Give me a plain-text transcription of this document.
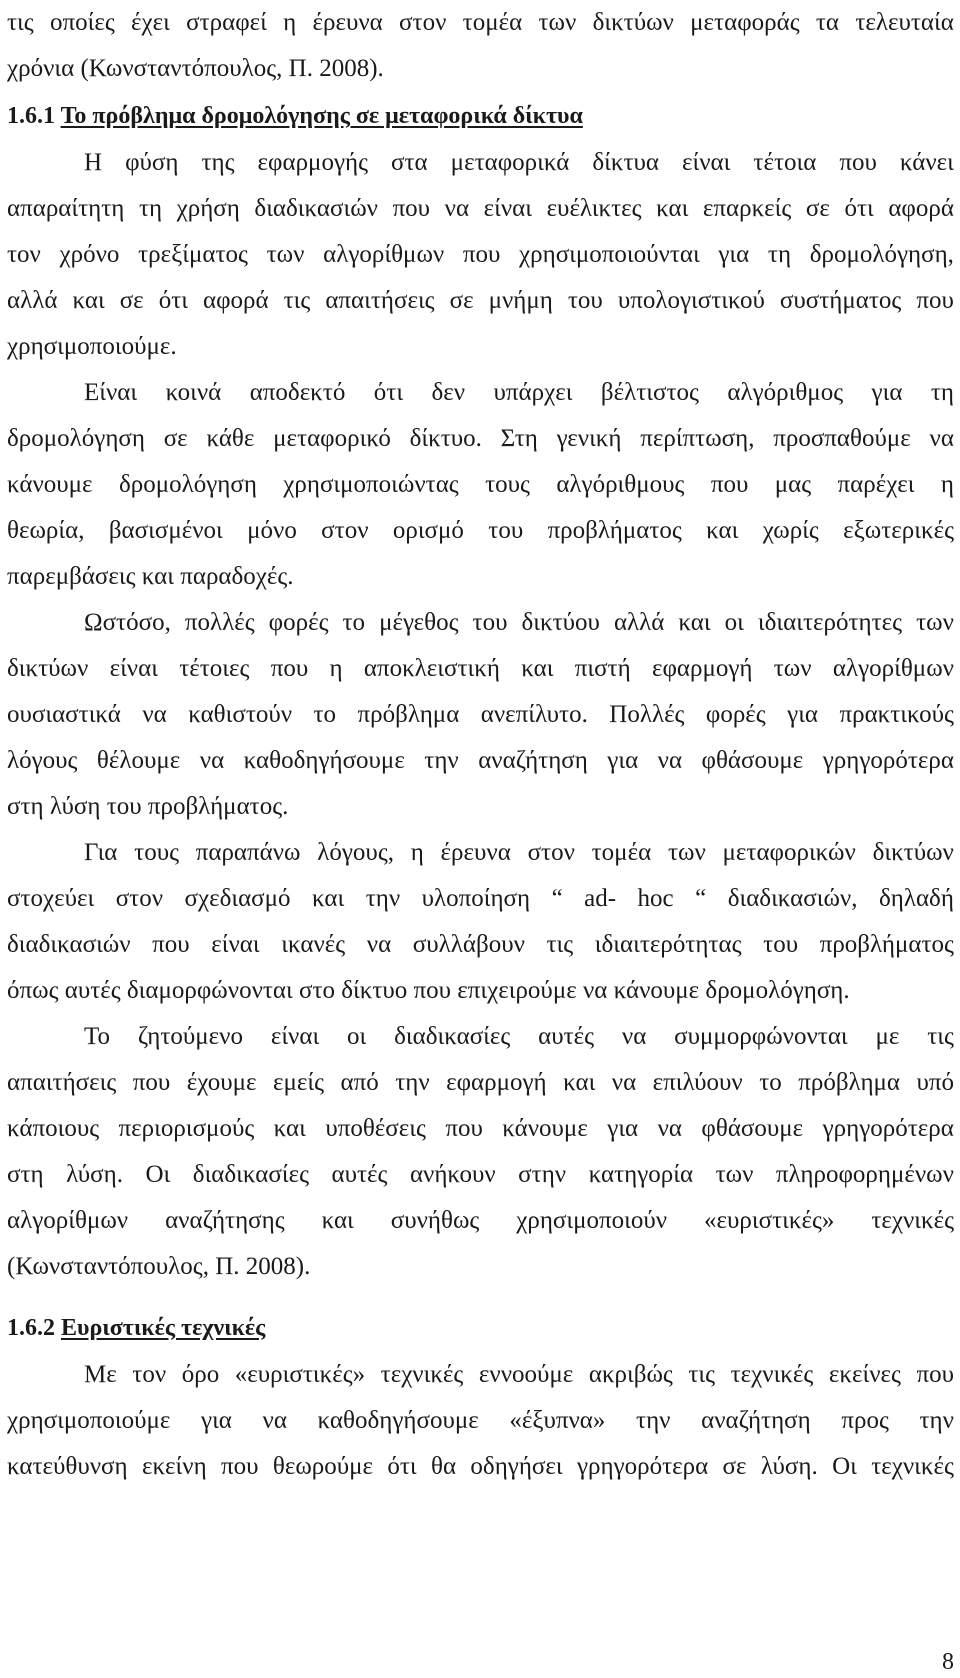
τις οποίες έχει στραφεί η έρευνα στον τομέα των δικτύων μεταφοράς τα τελευταία
χρόνια (Κωνσταντόπουλος, Π. 2008).
1.6.1 Το πρόβλημα δρομολόγησης σε μεταφορικά δίκτυα
Η φύση της εφαρμογής στα μεταφορικά δίκτυα είναι τέτοια που κάνει
απαραίτητη τη χρήση διαδικασιών που να είναι ευέλικτες και επαρκείς σε ότι αφορά
τον χρόνο τρεξίματος των αλγορίθμων που χρησιμοποιούνται για τη δρομολόγηση,
αλλά και σε ότι αφορά τις απαιτήσεις σε μνήμη του υπολογιστικού συστήματος που
χρησιμοποιούμε.
Είναι κοινά αποδεκτό ότι δεν υπάρχει βέλτιστος αλγόριθμος για τη
δρομολόγηση σε κάθε μεταφορικό δίκτυο. Στη γενική περίπτωση, προσπαθούμε να
κάνουμε δρομολόγηση χρησιμοποιώντας τους αλγόριθμους που μας παρέχει η
θεωρία, βασισμένοι μόνο στον ορισμό του προβλήματος και χωρίς εξωτερικές
παρεμβάσεις και παραδοχές.
Ωστόσο, πολλές φορές το μέγεθος του δικτύου αλλά και οι ιδιαιτερότητες των
δικτύων είναι τέτοιες που η αποκλειστική και πιστή εφαρμογή των αλγορίθμων
ουσιαστικά να καθιστούν το πρόβλημα ανεπίλυτο. Πολλές φορές για πρακτικούς
λόγους θέλουμε να καθοδηγήσουμε την αναζήτηση για να φθάσουμε γρηγορότερα
στη λύση του προβλήματος.
Για τους παραπάνω λόγους, η έρευνα στον τομέα των μεταφορικών δικτύων
στοχεύει στον σχεδιασμό και την υλοποίηση “ ad- hoc “ διαδικασιών, δηλαδή
διαδικασιών που είναι ικανές να συλλάβουν τις ιδιαιτερότητας του προβλήματος
όπως αυτές διαμορφώνονται στο δίκτυο που επιχειρούμε να κάνουμε δρομολόγηση.
Το ζητούμενο είναι οι διαδικασίες αυτές να συμμορφώνονται με τις
απαιτήσεις που έχουμε εμείς από την εφαρμογή και να επιλύουν το πρόβλημα υπό
κάποιους περιορισμούς και υποθέσεις που κάνουμε για να φθάσουμε γρηγορότερα
στη λύση. Οι διαδικασίες αυτές ανήκουν στην κατηγορία των πληροφορημένων
αλγορίθμων αναζήτησης και συνήθως χρησιμοποιούν «ευριστικές» τεχνικές
(Κωνσταντόπουλος, Π. 2008).
1.6.2 Ευριστικές τεχνικές
Με τον όρο «ευριστικές» τεχνικές εννοούμε ακριβώς τις τεχνικές εκείνες που
χρησιμοποιούμε για να καθοδηγήσουμε «έξυπνα» την αναζήτηση προς την
κατεύθυνση εκείνη που θεωρούμε ότι θα οδηγήσει γρηγορότερα σε λύση. Οι τεχνικές
8
